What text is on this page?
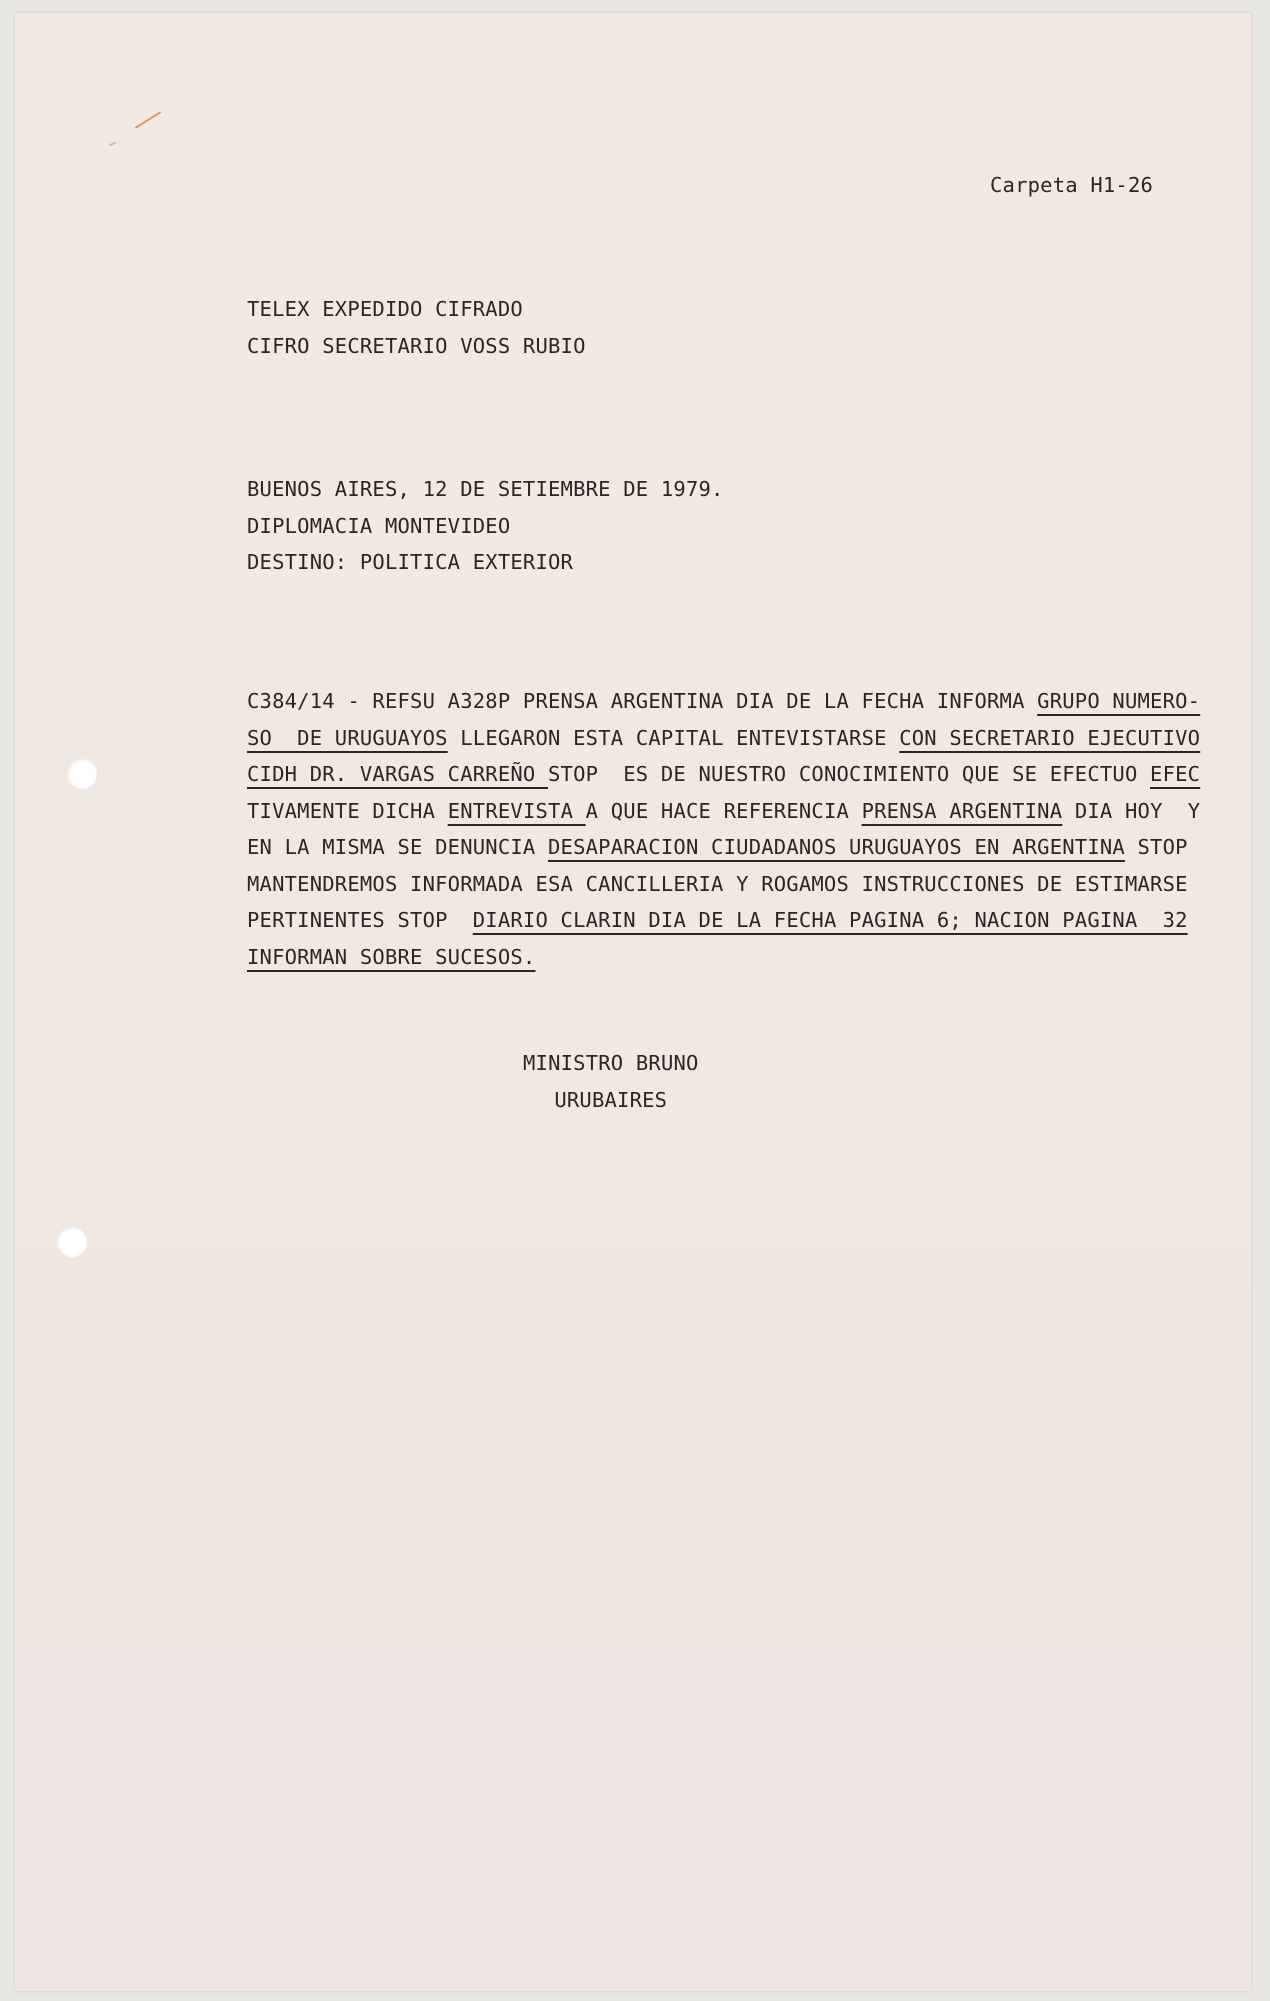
Carpeta H1-26

TELEX EXPEDIDO CIFRADO
CIFRO SECRETARIO VOSS RUBIO
BUENOS AIRES, 12 DE SETIEMBRE DE 1979.
DIPLOMACIA MONTEVIDEO
DESTINO: POLITICA EXTERIOR
C384/14 - REFSU A328P PRENSA ARGENTINA DIA DE LA FECHA INFORMA GRUPO NUMERO-
SO  DE URUGUAYOS LLEGARON ESTA CAPITAL ENTEVISTARSE CON SECRETARIO EJECUTIVO
CIDH DR. VARGAS CARREÑO STOP  ES DE NUESTRO CONOCIMIENTO QUE SE EFECTUO EFEC
TIVAMENTE DICHA ENTREVISTA A QUE HACE REFERENCIA PRENSA ARGENTINA DIA HOY  Y
EN LA MISMA SE DENUNCIA DESAPARACION CIUDADANOS URUGUAYOS EN ARGENTINA STOP
MANTENDREMOS INFORMADA ESA CANCILLERIA Y ROGAMOS INSTRUCCIONES DE ESTIMARSE
PERTINENTES STOP  DIARIO CLARIN DIA DE LA FECHA PAGINA 6; NACION PAGINA  32
INFORMAN SOBRE SUCESOS.
MINISTRO BRUNO
URUBAIRES
